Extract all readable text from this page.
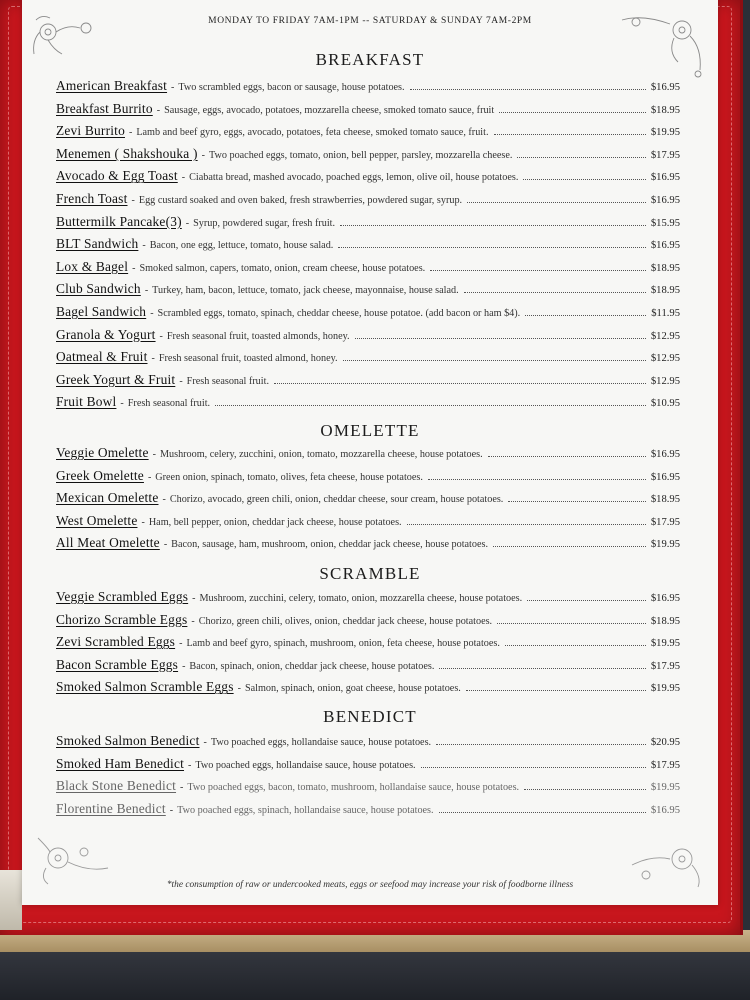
MONDAY TO FRIDAY 7AM-1PM -- SATURDAY & SUNDAY 7AM-2PM
BREAKFAST
American Breakfast - Two scrambled eggs, bacon or sausage, house potatoes.	$16.95
Breakfast Burrito - Sausage, eggs, avocado, potatoes, mozzarella cheese, smoked tomato sauce, fruit	$18.95
Zevi Burrito - Lamb and beef gyro, eggs, avocado, potatoes, feta cheese, smoked tomato sauce, fruit.	$19.95
Menemen ( Shakshouka ) - Two poached eggs, tomato, onion, bell pepper, parsley, mozzarella cheese.	$17.95
Avocado & Egg Toast - Ciabatta bread, mashed avocado, poached eggs, lemon, olive oil, house potatoes.	$16.95
French Toast - Egg custard soaked and oven baked, fresh strawberries, powdered sugar, syrup.	$16.95
Buttermilk Pancake(3) - Syrup, powdered sugar, fresh fruit.	$15.95
BLT Sandwich - Bacon, one egg, lettuce, tomato, house salad.	$16.95
Lox & Bagel - Smoked salmon, capers, tomato, onion, cream cheese, house potatoes.	$18.95
Club Sandwich - Turkey, ham, bacon, lettuce, tomato, jack cheese, mayonnaise, house salad.	$18.95
Bagel Sandwich - Scrambled eggs, tomato, spinach, cheddar cheese, house potatoe. (add bacon or ham $4).	$11.95
Granola & Yogurt - Fresh seasonal fruit, toasted almonds, honey.	$12.95
Oatmeal & Fruit - Fresh seasonal fruit, toasted almond, honey.	$12.95
Greek Yogurt & Fruit - Fresh seasonal fruit.	$12.95
Fruit Bowl - Fresh seasonal fruit.	$10.95
OMELETTE
Veggie Omelette - Mushroom, celery, zucchini, onion, tomato, mozzarella cheese, house potatoes.	$16.95
Greek Omelette - Green onion, spinach, tomato, olives, feta cheese, house potatoes.	$16.95
Mexican Omelette - Chorizo, avocado, green chili, onion, cheddar cheese, sour cream, house potatoes.	$18.95
West Omelette - Ham, bell pepper, onion, cheddar jack cheese, house potatoes.	$17.95
All Meat Omelette - Bacon, sausage, ham, mushroom, onion, cheddar jack cheese, house potatoes.	$19.95
SCRAMBLE
Veggie Scrambled Eggs - Mushroom, zucchini, celery, tomato, onion, mozzarella cheese, house potatoes.	$16.95
Chorizo Scramble Eggs - Chorizo, green chili, olives, onion, cheddar jack cheese, house potatoes.	$18.95
Zevi Scrambled Eggs - Lamb and beef gyro, spinach, mushroom, onion, feta cheese, house potatoes.	$19.95
Bacon Scramble Eggs - Bacon, spinach, onion, cheddar jack cheese, house potatoes.	$17.95
Smoked Salmon Scramble Eggs - Salmon, spinach, onion, goat cheese, house potatoes.	$19.95
BENEDICT
Smoked Salmon Benedict - Two poached eggs, hollandaise sauce, house potatoes.	$20.95
Smoked Ham Benedict - Two poached eggs, hollandaise sauce, house potatoes.	$17.95
Black Stone Benedict - Two poached eggs, bacon, tomato, mushroom, hollandaise sauce, house potatoes.	$19.95
Florentine Benedict - Two poached eggs, spinach, hollandaise sauce, house potatoes.	$16.95
*the consumption of raw or undercooked meats, eggs or seefood may increase your risk of foodborne illness
